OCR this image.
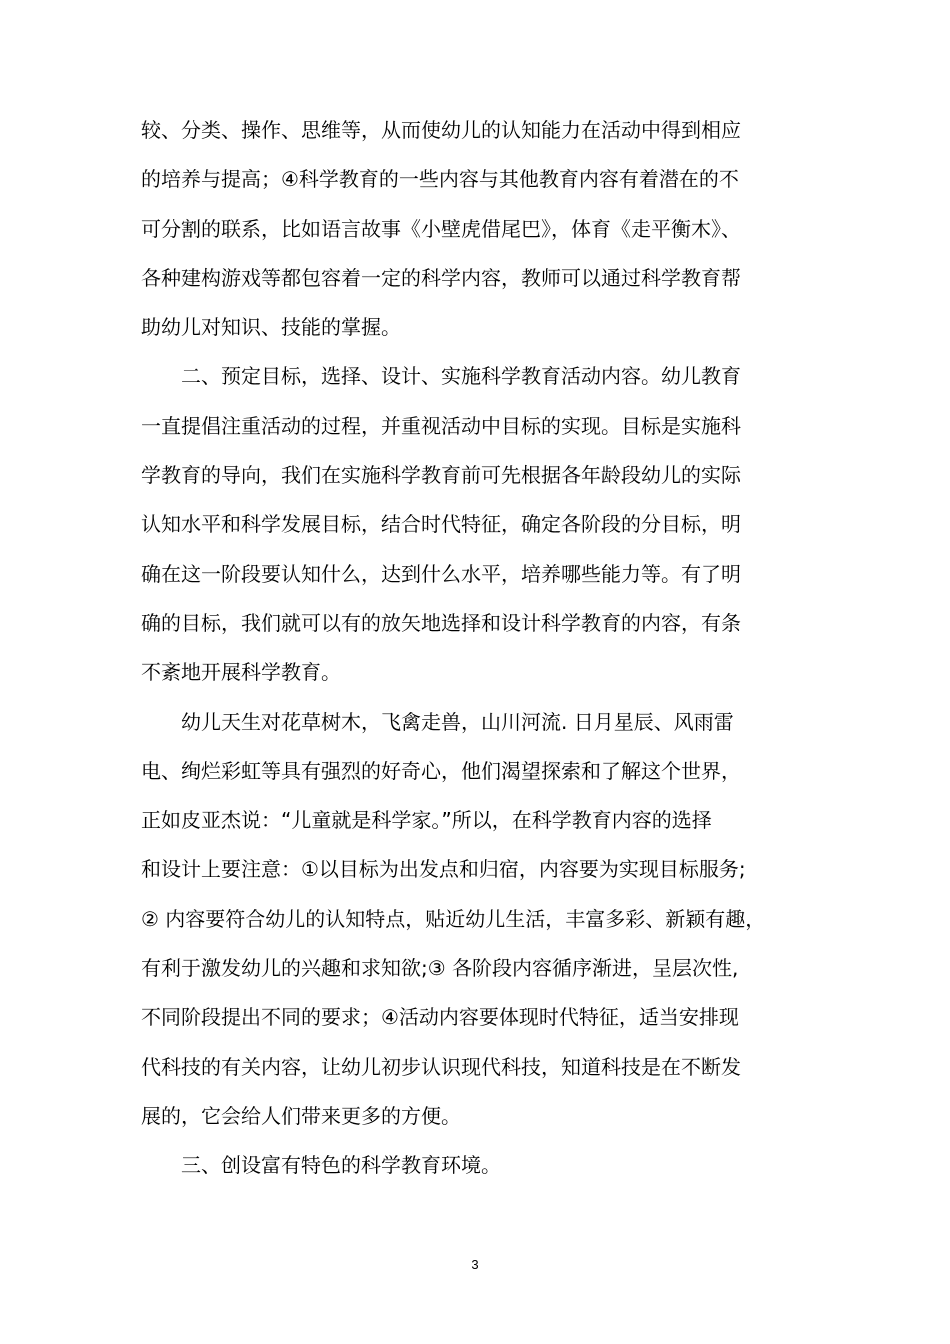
较、分类、操作、思维等，从而使幼儿的认知能力在活动中得到相应
的培养与提高；④科学教育的一些内容与其他教育内容有着潜在的不
可分割的联系，比如语言故事《小壁虎借尾巴》，体育《走平衡木》、
各种建构游戏等都包容着一定的科学内容，教师可以通过科学教育帮
助幼儿对知识、技能的掌握。
二、预定目标，选择、设计、实施科学教育活动内容。幼儿教育
一直提倡注重活动的过程，并重视活动中目标的实现。目标是实施科
学教育的导向，我们在实施科学教育前可先根据各年龄段幼儿的实际
认知水平和科学发展目标，结合时代特征，确定各阶段的分目标，明
确在这一阶段要认知什么，达到什么水平，培养哪些能力等。有了明
确的目标，我们就可以有的放矢地选择和设计科学教育的内容，有条
不紊地开展科学教育。
幼儿天生对花草树木，飞禽走兽，山川河流. 日月星辰、风雨雷
电、绚烂彩虹等具有强烈的好奇心，他们渴望探索和了解这个世界，
正如皮亚杰说：“儿童就是科学家。”所以，在科学教育内容的选择
和设计上要注意：①以目标为出发点和归宿，内容要为实现目标服务;
② 内容要符合幼儿的认知特点，贴近幼儿生活，丰富多彩、新颖有趣，
有利于激发幼儿的兴趣和求知欲;③ 各阶段内容循序渐进，呈层次性,
不同阶段提出不同的要求；④活动内容要体现时代特征，适当安排现
代科技的有关内容，让幼儿初步认识现代科技，知道科技是在不断发
展的，它会给人们带来更多的方便。
三、创设富有特色的科学教育环境。
3
